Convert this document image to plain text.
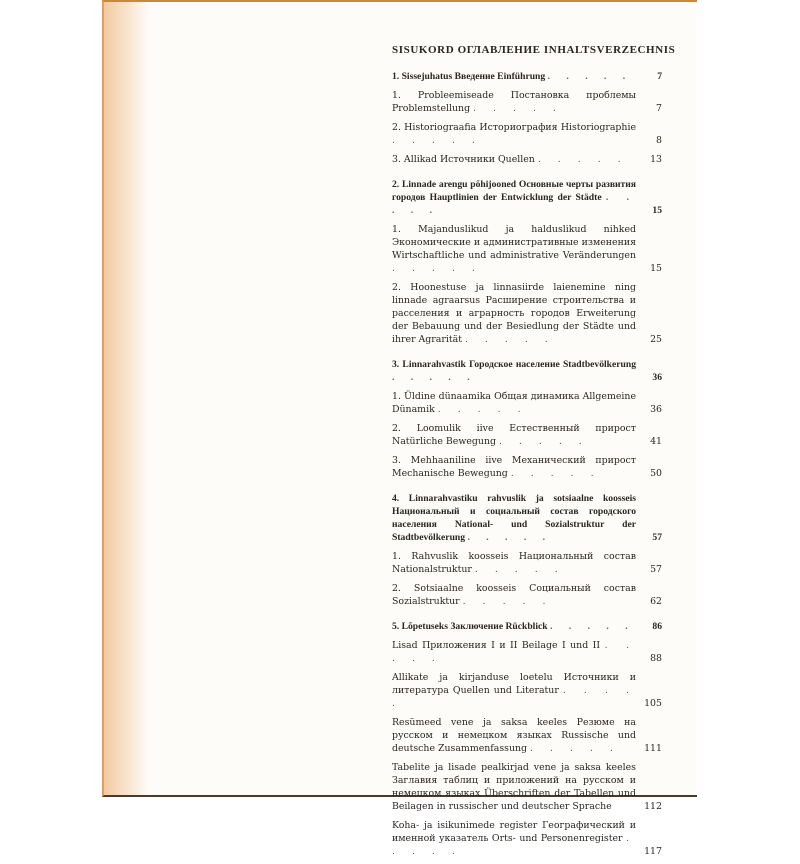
SISUKORD ОГЛАВЛЕНИЕ INHALTSVERZECHNIS
1. Sissejuhatus Введение Einführung . . . . .	7
1. Probleemiseade Постановка проблемы Problemstellung . . . . .	7
2. Historiograafia Историография Historiographie . . . . .	8
3. Allikad Источники Quellen . . . . .	13
2. Linnade arengu põhijooned Основные черты развития городов Hauptlinien der Entwicklung der Städte . . . . .	15
1. Majanduslikud ja halduslikud nihked Экономические и административные изменения Wirtschaftliche und administrative Veränderungen . . . . .	15
2. Hoonestuse ja linnasiirde laienemine ning linnade agraarsus Расширение строительства и расселения и аграрность городов Erweiterung der Bebauung und der Besiedlung der Städte und ihrer Agrarität . . . . .	25
3. Linnarahvastik Городское население Stadtbevölkerung . . . . .	36
1. Üldine dünaamika Общая динамика Allgemeine Dünamik . . . . .	36
2. Loomulik iive Естественный прирост Natürliche Bewegung . . . . .	41
3. Mehhaaniline iive Механический прирост Mechanische Bewegung . . . . .	50
4. Linnarahvastiku rahvuslik ja sotsiaalne koosseis Национальный и социальный состав городского населения National- und Sozialstruktur der Stadtbevölkerung . . . . .	57
1. Rahvuslik koosseis Национальный состав Nationalstruktur . . . . .	57
2. Sotsiaalne koosseis Социальный состав Sozialstruktur . . . . .	62
5. Lõpetuseks Заключение Rückblick . . . . .	86
Lisad Приложения I и II Beilage I und II . . . . .	88
Allikate ja kirjanduse loetelu Источники и литература Quellen und Literatur . . . . .	105
Resümeed vene ja saksa keeles Резюме на русском и немецком языках Russische und deutsche Zusammenfassung . . . . .	111
Tabelite ja lisade pealkirjad vene ja saksa keeles Заглавия таблиц и приложений на русском и немецком языках Überschriften der Tabellen und Beilagen in russischer und deutscher Sprache	112
Koha- ja isikunimede register Географический и именной указатель Orts- und Personenregister . . . . .	117
